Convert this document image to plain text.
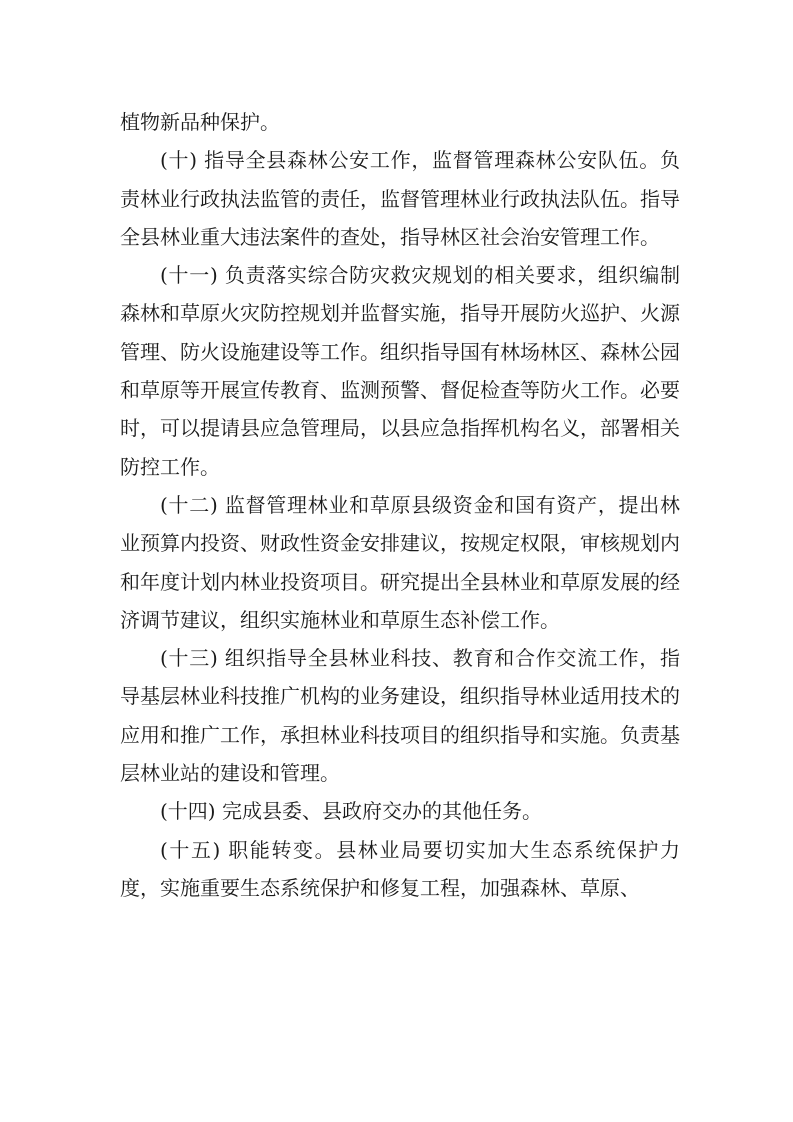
植物新品种保护。

(十) 指导全县森林公安工作，监督管理森林公安队伍。负责林业行政执法监管的责任，监督管理林业行政执法队伍。指导全县林业重大违法案件的查处，指导林区社会治安管理工作。

(十一) 负责落实综合防灾救灾规划的相关要求，组织编制森林和草原火灾防控规划并监督实施，指导开展防火巡护、火源管理、防火设施建设等工作。组织指导国有林场林区、森林公园和草原等开展宣传教育、监测预警、督促检查等防火工作。必要时，可以提请县应急管理局，以县应急指挥机构名义，部署相关防控工作。

(十二) 监督管理林业和草原县级资金和国有资产，提出林业预算内投资、财政性资金安排建议，按规定权限，审核规划内和年度计划内林业投资项目。研究提出全县林业和草原发展的经济调节建议，组织实施林业和草原生态补偿工作。

(十三) 组织指导全县林业科技、教育和合作交流工作，指导基层林业科技推广机构的业务建设，组织指导林业适用技术的应用和推广工作，承担林业科技项目的组织指导和实施。负责基层林业站的建设和管理。

(十四) 完成县委、县政府交办的其他任务。

(十五) 职能转变。县林业局要切实加大生态系统保护力度，实施重要生态系统保护和修复工程，加强森林、草原、
